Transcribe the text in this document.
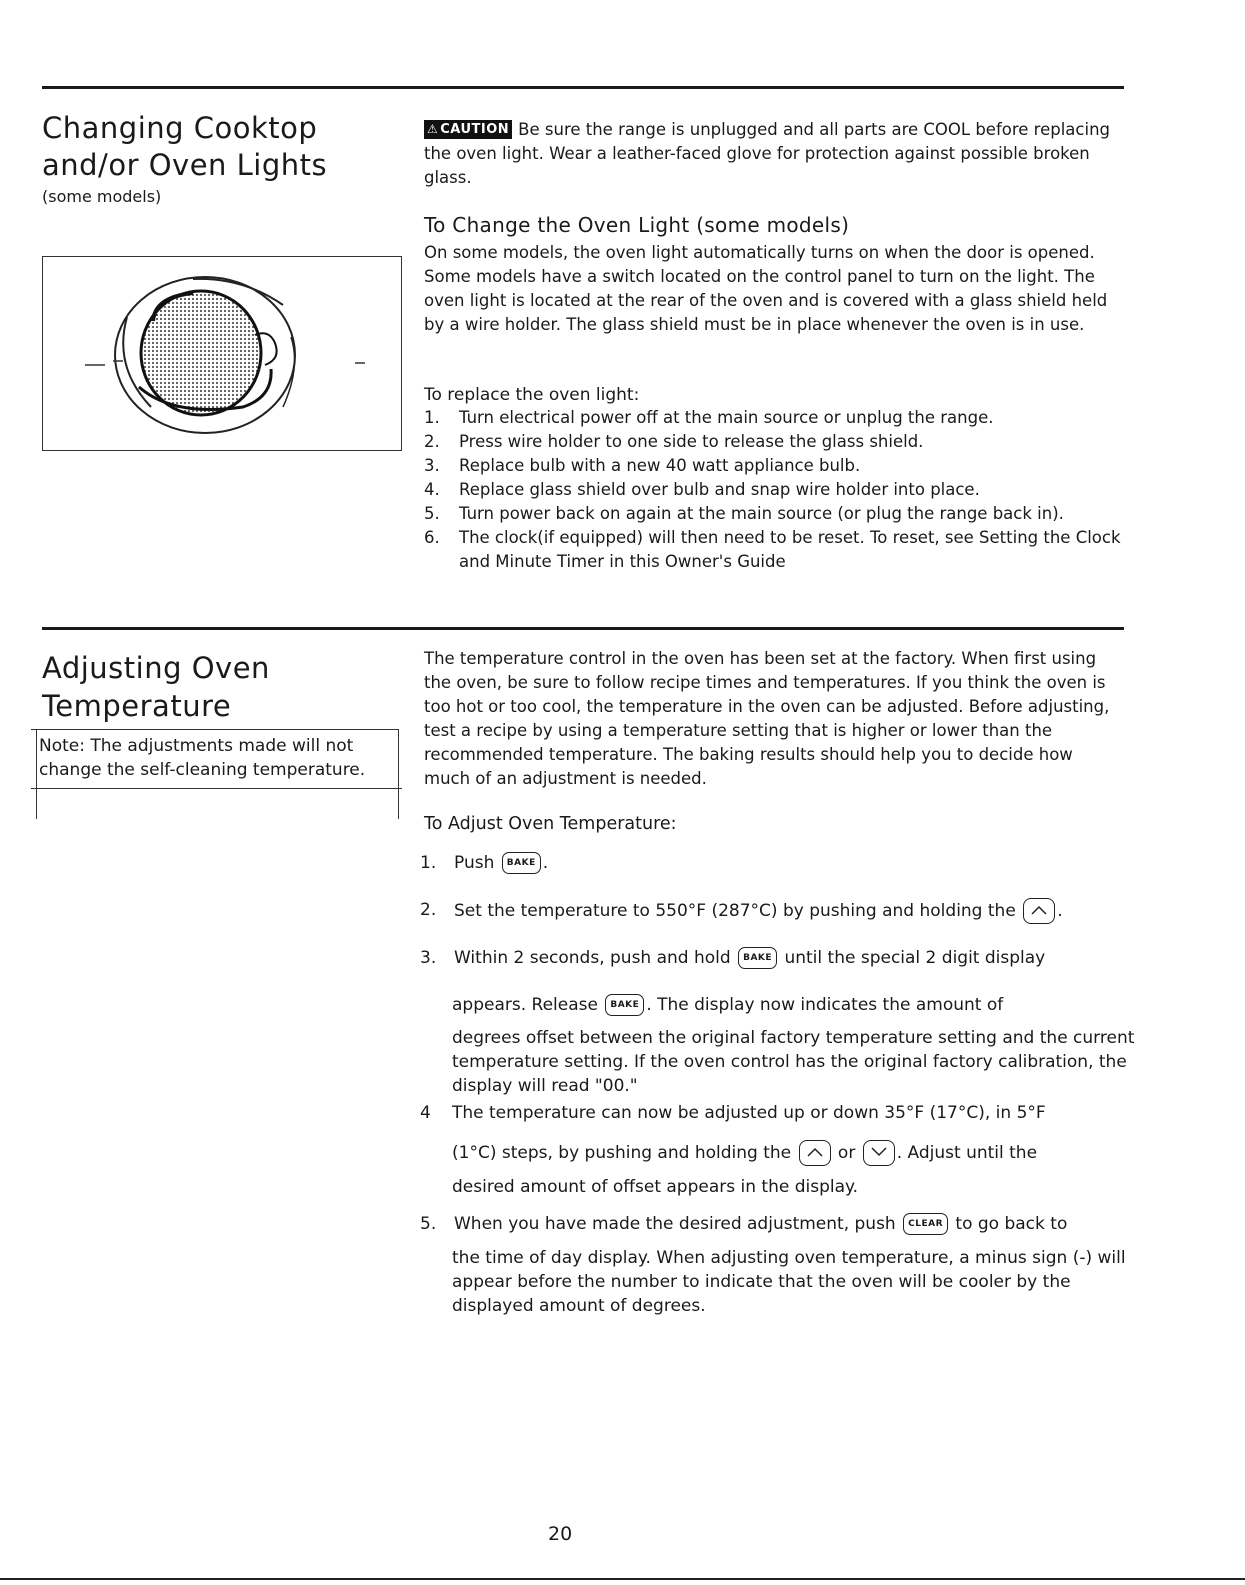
Changing Cooktop
and/or Oven Lights
(some models)
⚠ CAUTION Be sure the range is unplugged and all parts are COOL before replacing the oven light. Wear a leather-faced glove for protection against possible broken glass.
To Change the Oven Light (some models)
On some models, the oven light automatically turns on when the door is opened. Some models have a switch located on the control panel to turn on the light. The oven light is located at the rear of the oven and is covered with a glass shield held by a wire holder. The glass shield must be in place whenever the oven is in use.
To replace the oven light:
1. Turn electrical power off at the main source or unplug the range.
2. Press wire holder to one side to release the glass shield.
3. Replace bulb with a new 40 watt appliance bulb.
4. Replace glass shield over bulb and snap wire holder into place.
5. Turn power back on again at the main source (or plug the range back in).
6. The clock(if equipped) will then need to be reset. To reset, see Setting the Clock and Minute Timer in this Owner's Guide
Adjusting Oven
Temperature
Note: The adjustments made will not change the self-cleaning temperature.
The temperature control in the oven has been set at the factory. When first using the oven, be sure to follow recipe times and temperatures. If you think the oven is too hot or too cool, the temperature in the oven can be adjusted. Before adjusting, test a recipe by using a temperature setting that is higher or lower than the recommended temperature. The baking results should help you to decide how much of an adjustment is needed.
To Adjust Oven Temperature:
1. Push BAKE .
2. Set the temperature to 550°F (287°C) by pushing and holding the .
3. Within 2 seconds, push and hold BAKE until the special 2 digit display
appears. Release BAKE . The display now indicates the amount of
degrees offset between the original factory temperature setting and the current temperature setting. If the oven control has the original factory calibration, the display will read "00."
4 The temperature can now be adjusted up or down 35°F (17°C), in 5°F
(1°C) steps, by pushing and holding the	or . Adjust until the
desired amount of offset appears in the display.
5. When you have made the desired adjustment, push CLEAR to go back to
the time of day display. When adjusting oven temperature, a minus sign (-) will appear before the number to indicate that the oven will be cooler by the displayed amount of degrees.
20
